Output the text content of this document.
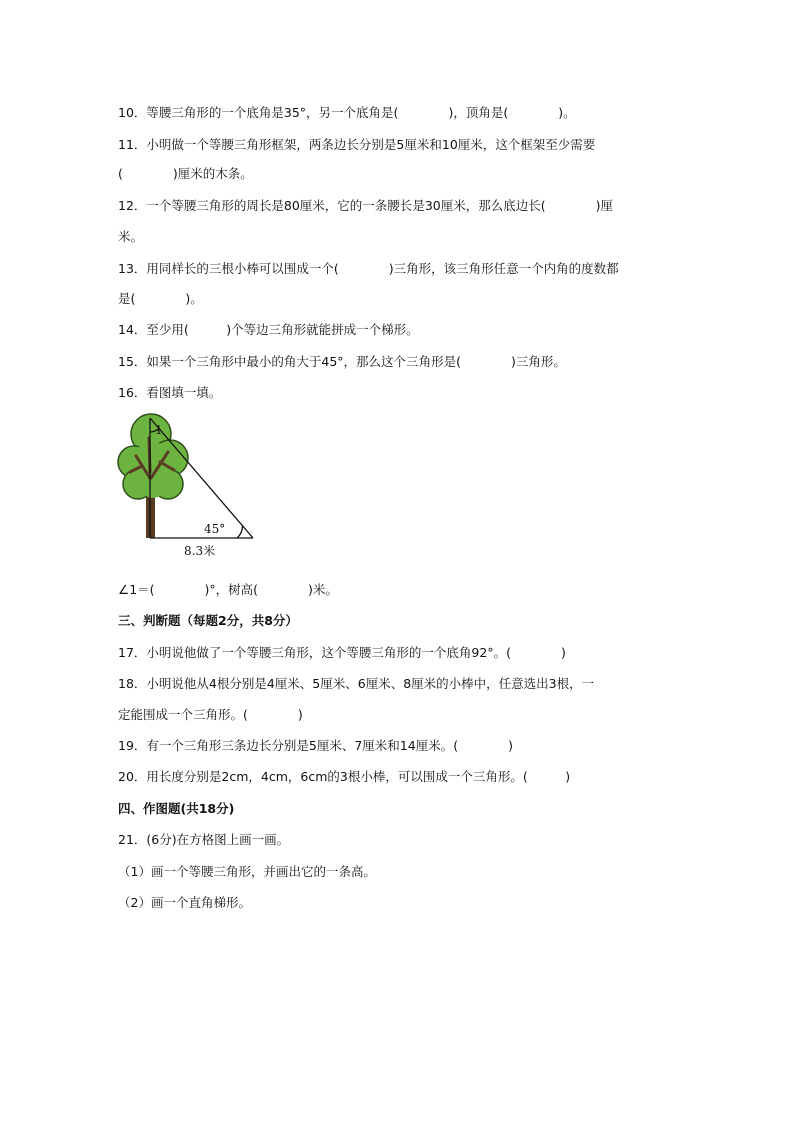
10．等腰三角形的一个底角是35°，另一个底角是(　　　　)，顶角是(　　　　)。
11．小明做一个等腰三角形框架，两条边长分别是5厘米和10厘米，这个框架至少需要
(　　　　)厘米的木条。
12．一个等腰三角形的周长是80厘米，它的一条腰长是30厘米，那么底边长(　　　　)厘
米。
13．用同样长的三根小棒可以围成一个(　　　　)三角形，该三角形任意一个内角的度数都
是(　　　　)。
14．至少用(　　　)个等边三角形就能拼成一个梯形。
15．如果一个三角形中最小的角大于45°，那么这个三角形是(　　　　)三角形。
16．看图填一填。
1
45°
8.3米
∠1＝(　　　　)°，树高(　　　　)米。
三、判断题（每题2分，共8分）
17．小明说他做了一个等腰三角形，这个等腰三角形的一个底角92°。(　　　　)
18．小明说他从4根分别是4厘米、5厘米、6厘米、8厘米的小棒中，任意选出3根，一
定能围成一个三角形。(　　　　)
19．有一个三角形三条边长分别是5厘米、7厘米和14厘米。(　　　　)
20．用长度分别是2cm，4cm，6cm的3根小棒，可以围成一个三角形。(　　　)
四、作图题(共18分)
21．(6分)在方格图上画一画。
（1）画一个等腰三角形，并画出它的一条高。
（2）画一个直角梯形。
